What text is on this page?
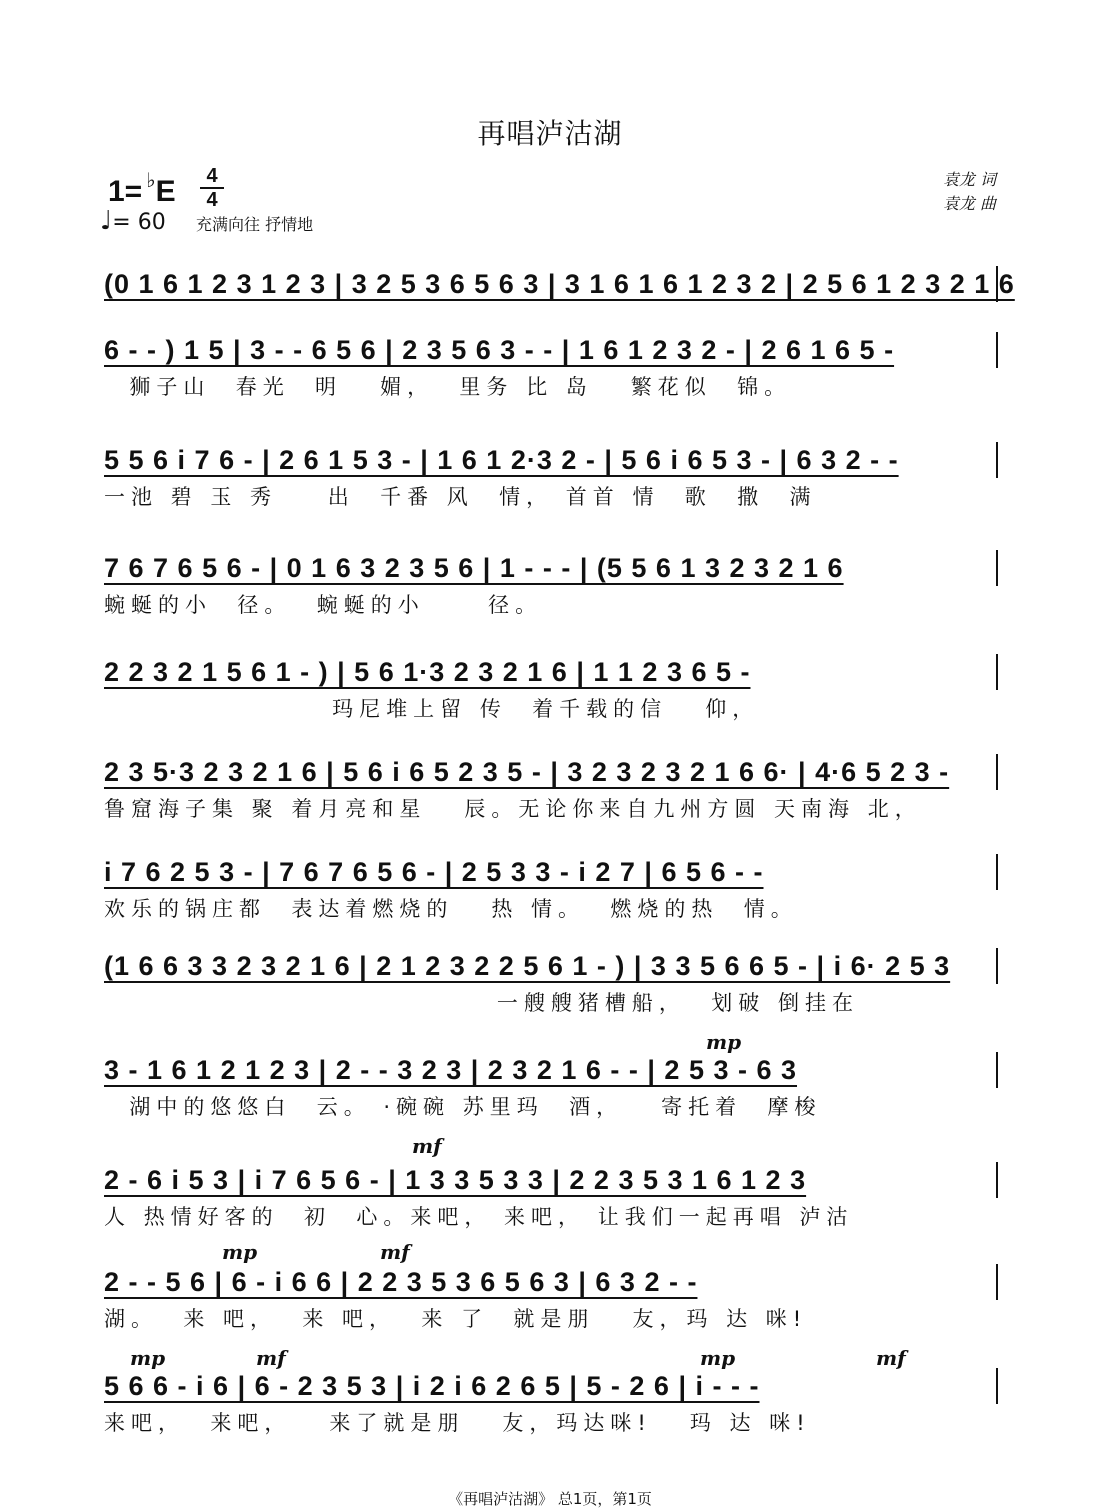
再唱泸沽湖
1= ♭E	4
4
♩= 60 充满向往 抒情地
袁龙 词
袁龙 曲
(0 1 6 1 2 3 1 2 3 | 3 2 5 3 6 5 6 3 | 3 1 6 1 6 1 2 3 2 | 2 5 6 1 2 3 2 1 6
6 - - ) 1 5 | 3 - - 6 5 6 | 2 3 5 6 3 - - | 1 6 1 2 3 2 - | 2 6 1 6 5 -
狮子山  春光  明   媚，  里务 比 岛   繁花似  锦。
5 5 6 i 7 6 - | 2 6 1 5 3 - | 1 6 1 2·3 2 - | 5 6 i 6 5 3 - | 6 3 2 - -
一池 碧 玉 秀    出  千番 风  情， 首首 情  歌  撒  满
7 6 7 6 5 6 - | 0 1 6 3 2 3 5 6 | 1 - - - | (5 5 6 1 3 2 3 2 1 6
蜿蜒的小  径。  蜿蜒的小     径。
2 2 3 2 1 5 6 1 - ) | 5 6 1·3 2 3 2 1 6 | 1 1 2 3 6 5 -
玛尼堆上留 传  着千载的信   仰，
2 3 5·3 2 3 2 1 6 | 5 6 i 6 5 2 3 5 - | 3 2 3 2 3 2 1 6 6· | 4·6 5 2 3 -
鲁窟海子集 聚 着月亮和星   辰。无论你来自九州方圆 天南海 北，
i 7 6 2 5 3 - | 7 6 7 6 5 6 - | 2 5 3 3 - i 2 7 | 6 5 6 - -
欢乐的锅庄都  表达着燃烧的   热 情。  燃烧的热  情。
(1 6 6 3 3 2 3 2 1 6 | 2 1 2 3 2 2 5 6 1 - ) | 3 3 5 6 6 5 - | i 6· 2 5 3
一艘艘猪槽船，  划破 倒挂在
3 - 1 6 1 2 1 2 3 | 2 - - 3 2 3 | 2 3 2 1 6 - - | 2 5 3 - 6 3
湖中的悠悠白  云。 ·碗碗 苏里玛  酒，   寄托着  摩梭
2 - 6 i 5 3 | i 7 6 5 6 - | 1 3 3 5 3 3 | 2 2 3 5 3 1 6 1 2 3
人 热情好客的  初  心。来吧， 来吧， 让我们一起再唱 泸沽
2 - - 5 6 | 6 - i 6 6 | 2 2 3 5 3 6 5 6 3 | 6 3 2 - -
湖。  来 吧，  来 吧，  来 了  就是朋   友，玛 达 咪!
5 6 6 - i 6 | 6 - 2 3 5 3 | i 2 i 6 2 6 5 | 5 - 2 6 | i - - -
来吧，  来吧，   来了就是朋   友，玛达咪!   玛 达 咪!
mp
mf
mp	mf
mp	mf	mp	mf
《再唱泸沽湖》 总1页，第1页
